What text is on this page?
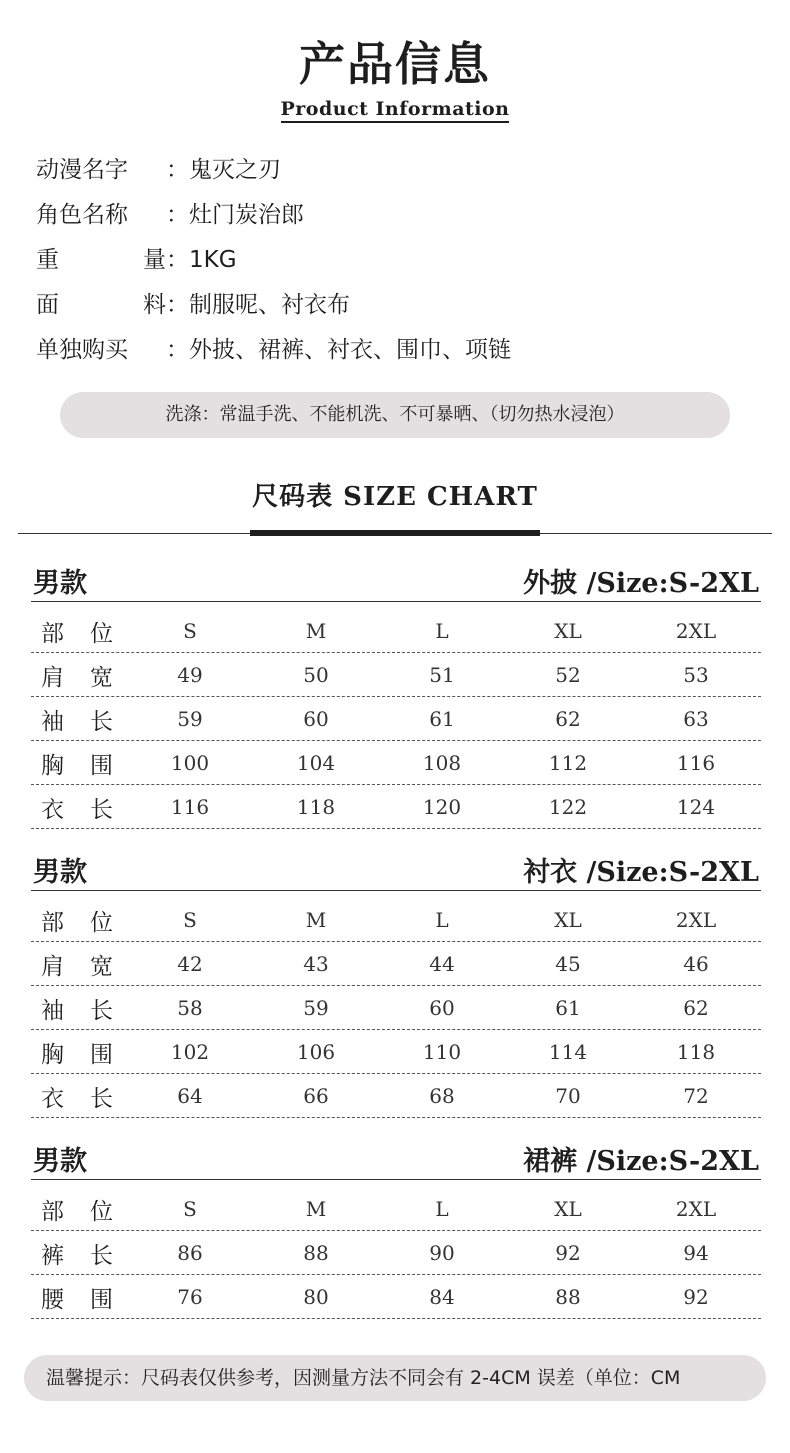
产品信息
Product Information
动漫名字 ： 鬼灭之刃
角色名称 ： 灶门炭治郎
重	量 ： 1KG
面	料 ： 制服呢、衬衣布
单独购买 ： 外披、裙裤、衬衣、围巾、项链
洗涤：常温手洗、不能机洗、不可暴晒、（切勿热水浸泡）
尺码表 SIZE CHART
男款	外披 /Size:S-2XL
部 位	S	M	L	XL	2XL
肩 宽	49	50	51	52	53
袖 长	59	60	61	62	63
胸 围	100	104	108	112	116
衣 长	116	118	120	122	124
男款	衬衣 /Size:S-2XL
部 位	S	M	L	XL	2XL
肩 宽	42	43	44	45	46
袖 长	58	59	60	61	62
胸 围	102	106	110	114	118
衣 长	64	66	68	70	72
男款	裙裤 /Size:S-2XL
部 位	S	M	L	XL	2XL
裤 长	86	88	90	92	94
腰 围	76	80	84	88	92
温馨提示：尺码表仅供参考，因测量方法不同会有 2-4CM 误差（单位：CM
